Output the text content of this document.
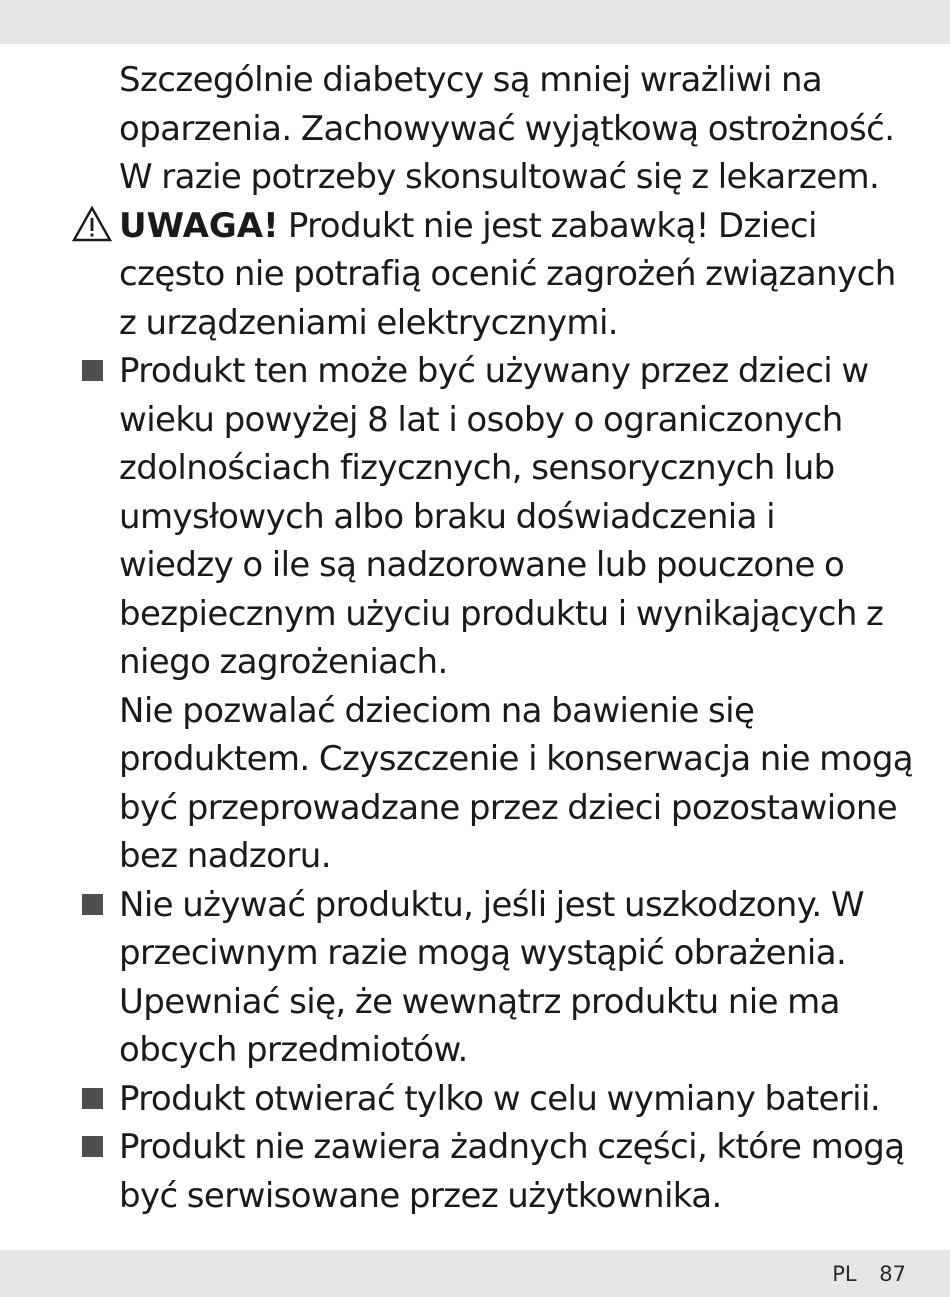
Szczególnie diabetycy są mniej wrażliwi na
oparzenia. Zachowywać wyjątkową ostrożność.
W razie potrzeby skonsultować się z lekarzem.
UWAGA! Produkt nie jest zabawką! Dzieci
często nie potrafią ocenić zagrożeń związanych
z urządzeniami elektrycznymi.
Produkt ten może być używany przez dzieci w
wieku powyżej 8 lat i osoby o ograniczonych
zdolnościach fizycznych, sensorycznych lub
umysłowych albo braku doświadczenia i
wiedzy o ile są nadzorowane lub pouczone o
bezpiecznym użyciu produktu i wynikających z
niego zagrożeniach.
Nie pozwalać dzieciom na bawienie się
produktem. Czyszczenie i konserwacja nie mogą
być przeprowadzane przez dzieci pozostawione
bez nadzoru.
Nie używać produktu, jeśli jest uszkodzony. W
przeciwnym razie mogą wystąpić obrażenia.
Upewniać się, że wewnątrz produktu nie ma
obcych przedmiotów.
Produkt otwierać tylko w celu wymiany baterii.
Produkt nie zawiera żadnych części, które mogą
być serwisowane przez użytkownika.
PL 87
